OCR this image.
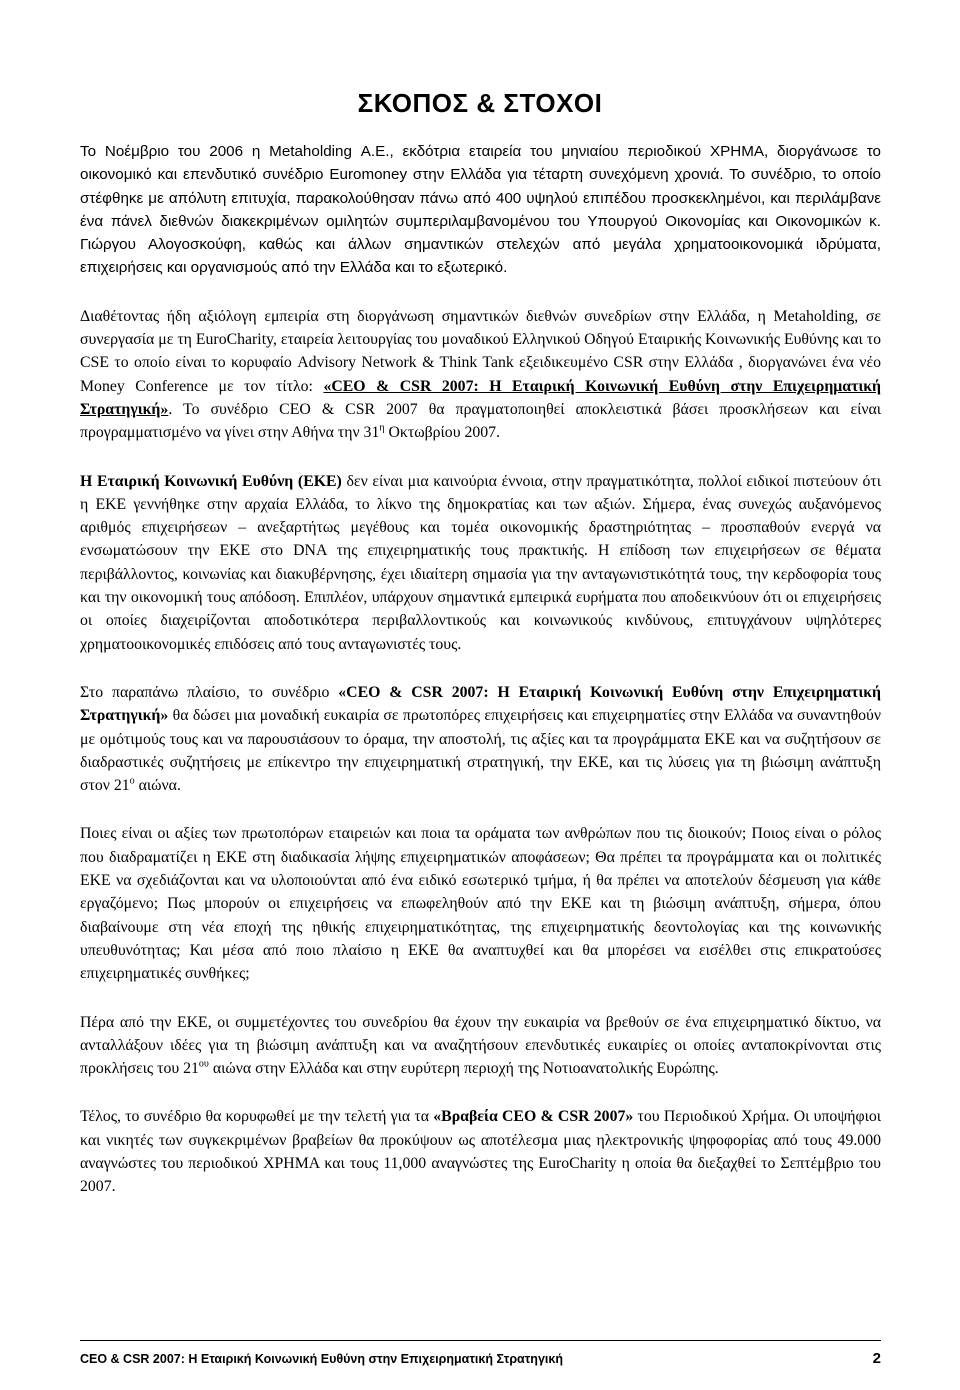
ΣΚΟΠΟΣ & ΣΤΟΧΟΙ

Το Νοέμβριο του 2006 η Metaholding Α.Ε., εκδότρια εταιρεία του μηνιαίου περιοδικού ΧΡΗΜΑ, διοργάνωσε το οικονομικό και επενδυτικό συνέδριο Euromoney στην Ελλάδα για τέταρτη συνεχόμενη χρονιά. Το συνέδριο, το οποίο στέφθηκε με απόλυτη επιτυχία, παρακολούθησαν πάνω από 400 υψηλού επιπέδου προσκεκλημένοι, και περιλάμβανε ένα πάνελ διεθνών διακεκριμένων ομιλητών συμπεριλαμβανομένου του Υπουργού Οικονομίας και Οικονομικών κ. Γιώργου Αλογοσκούφη, καθώς και άλλων σημαντικών στελεχών από μεγάλα χρηματοοικονομικά ιδρύματα, επιχειρήσεις και οργανισμούς από την Ελλάδα και το εξωτερικό.

Διαθέτοντας ήδη αξιόλογη εμπειρία στη διοργάνωση σημαντικών διεθνών συνεδρίων στην Ελλάδα, η Metaholding, σε συνεργασία με τη EuroCharity, εταιρεία λειτουργίας του μοναδικού Ελληνικού Οδηγού Εταιρικής Κοινωνικής Ευθύνης και το CSE το οποίο είναι το κορυφαίο Advisory Network & Think Tank εξειδικευμένο CSR στην Ελλάδα , διοργανώνει ένα νέο Money Conference με τον τίτλο: «CEO & CSR 2007: Η Εταιρική Κοινωνική Ευθύνη στην Επιχειρηματική Στρατηγική». Το συνέδριο CEO & CSR 2007 θα πραγματοποιηθεί αποκλειστικά βάσει προσκλήσεων και είναι προγραμματισμένο να γίνει στην Αθήνα την $31^\eta$ Οκτωβρίου 2007.

Η Εταιρική Κοινωνική Ευθύνη (ΕΚΕ) δεν είναι μια καινούρια έννοια, στην πραγματικότητα, πολλοί ειδικοί πιστεύουν ότι η ΕΚΕ γεννήθηκε στην αρχαία Ελλάδα, το λίκνο της δημοκρατίας και των αξιών. Σήμερα, ένας συνεχώς αυξανόμενος αριθμός επιχειρήσεων – ανεξαρτήτως μεγέθους και τομέα οικονομικής δραστηριότητας – προσπαθούν ενεργά να ενσωματώσουν την ΕΚΕ στο DNA της επιχειρηματικής τους πρακτικής. Η επίδοση των επιχειρήσεων σε θέματα περιβάλλοντος, κοινωνίας και διακυβέρνησης, έχει ιδιαίτερη σημασία για την ανταγωνιστικότητά τους, την κερδοφορία τους και την οικονομική τους απόδοση. Επιπλέον, υπάρχουν σημαντικά εμπειρικά ευρήματα που αποδεικνύουν ότι οι επιχειρήσεις οι οποίες διαχειρίζονται αποδοτικότερα περιβαλλοντικούς και κοινωνικούς κινδύνους, επιτυγχάνουν υψηλότερες χρηματοοικονομικές επιδόσεις από τους ανταγωνιστές τους.

Στο παραπάνω πλαίσιο, το συνέδριο «CEO & CSR 2007: Η Εταιρική Κοινωνική Ευθύνη στην Επιχειρηματική Στρατηγική» θα δώσει μια μοναδική ευκαιρία σε πρωτοπόρες επιχειρήσεις και επιχειρηματίες στην Ελλάδα να συναντηθούν με ομότιμούς τους και να παρουσιάσουν το όραμα, την αποστολή, τις αξίες και τα προγράμματα ΕΚΕ και να συζητήσουν σε διαδραστικές συζητήσεις με επίκεντρο την επιχειρηματική στρατηγική, την ΕΚΕ, και τις λύσεις για τη βιώσιμη ανάπτυξη στον $21^o$ αιώνα.

Ποιες είναι οι αξίες των πρωτοπόρων εταιρειών και ποια τα οράματα των ανθρώπων που τις διοικούν; Ποιος είναι ο ρόλος που διαδραματίζει η ΕΚΕ στη διαδικασία λήψης επιχειρηματικών αποφάσεων; Θα πρέπει τα προγράμματα και οι πολιτικές ΕΚΕ να σχεδιάζονται και να υλοποιούνται από ένα ειδικό εσωτερικό τμήμα, ή θα πρέπει να αποτελούν δέσμευση για κάθε εργαζόμενο; Πως μπορούν οι επιχειρήσεις να επωφεληθούν από την ΕΚΕ και τη βιώσιμη ανάπτυξη, σήμερα, όπου διαβαίνουμε στη νέα εποχή της ηθικής επιχειρηματικότητας, της επιχειρηματικής δεοντολογίας και της κοινωνικής υπευθυνότητας; Και μέσα από ποιο πλαίσιο η ΕΚΕ θα αναπτυχθεί και θα μπορέσει να εισέλθει στις επικρατούσες επιχειρηματικές συνθήκες;

Πέρα από την ΕΚΕ, οι συμμετέχοντες του συνεδρίου θα έχουν την ευκαιρία να βρεθούν σε ένα επιχειρηματικό δίκτυο, να ανταλλάξουν ιδέες για τη βιώσιμη ανάπτυξη και να αναζητήσουν επενδυτικές ευκαιρίες οι οποίες ανταποκρίνονται στις προκλήσεις του $21^{o\upsilon}$ αιώνα στην Ελλάδα και στην ευρύτερη περιοχή της Νοτιοανατολικής Ευρώπης.

Τέλος, το συνέδριο θα κορυφωθεί με την τελετή για τα «Βραβεία CEO & CSR 2007» του Περιοδικού Χρήμα. Οι υποψήφιοι και νικητές των συγκεκριμένων βραβείων θα προκύψουν ως αποτέλεσμα μιας ηλεκτρονικής ψηφοφορίας από τους 49.000 αναγνώστες του περιοδικού ΧΡΗΜΑ και τους 11,000 αναγνώστες της EuroCharity η οποία θα διεξαχθεί το Σεπτέμβριο του 2007.

CEO & CSR 2007: Η Εταιρική Κοινωνική Ευθύνη στην Επιχειρηματική Στρατηγική	2
